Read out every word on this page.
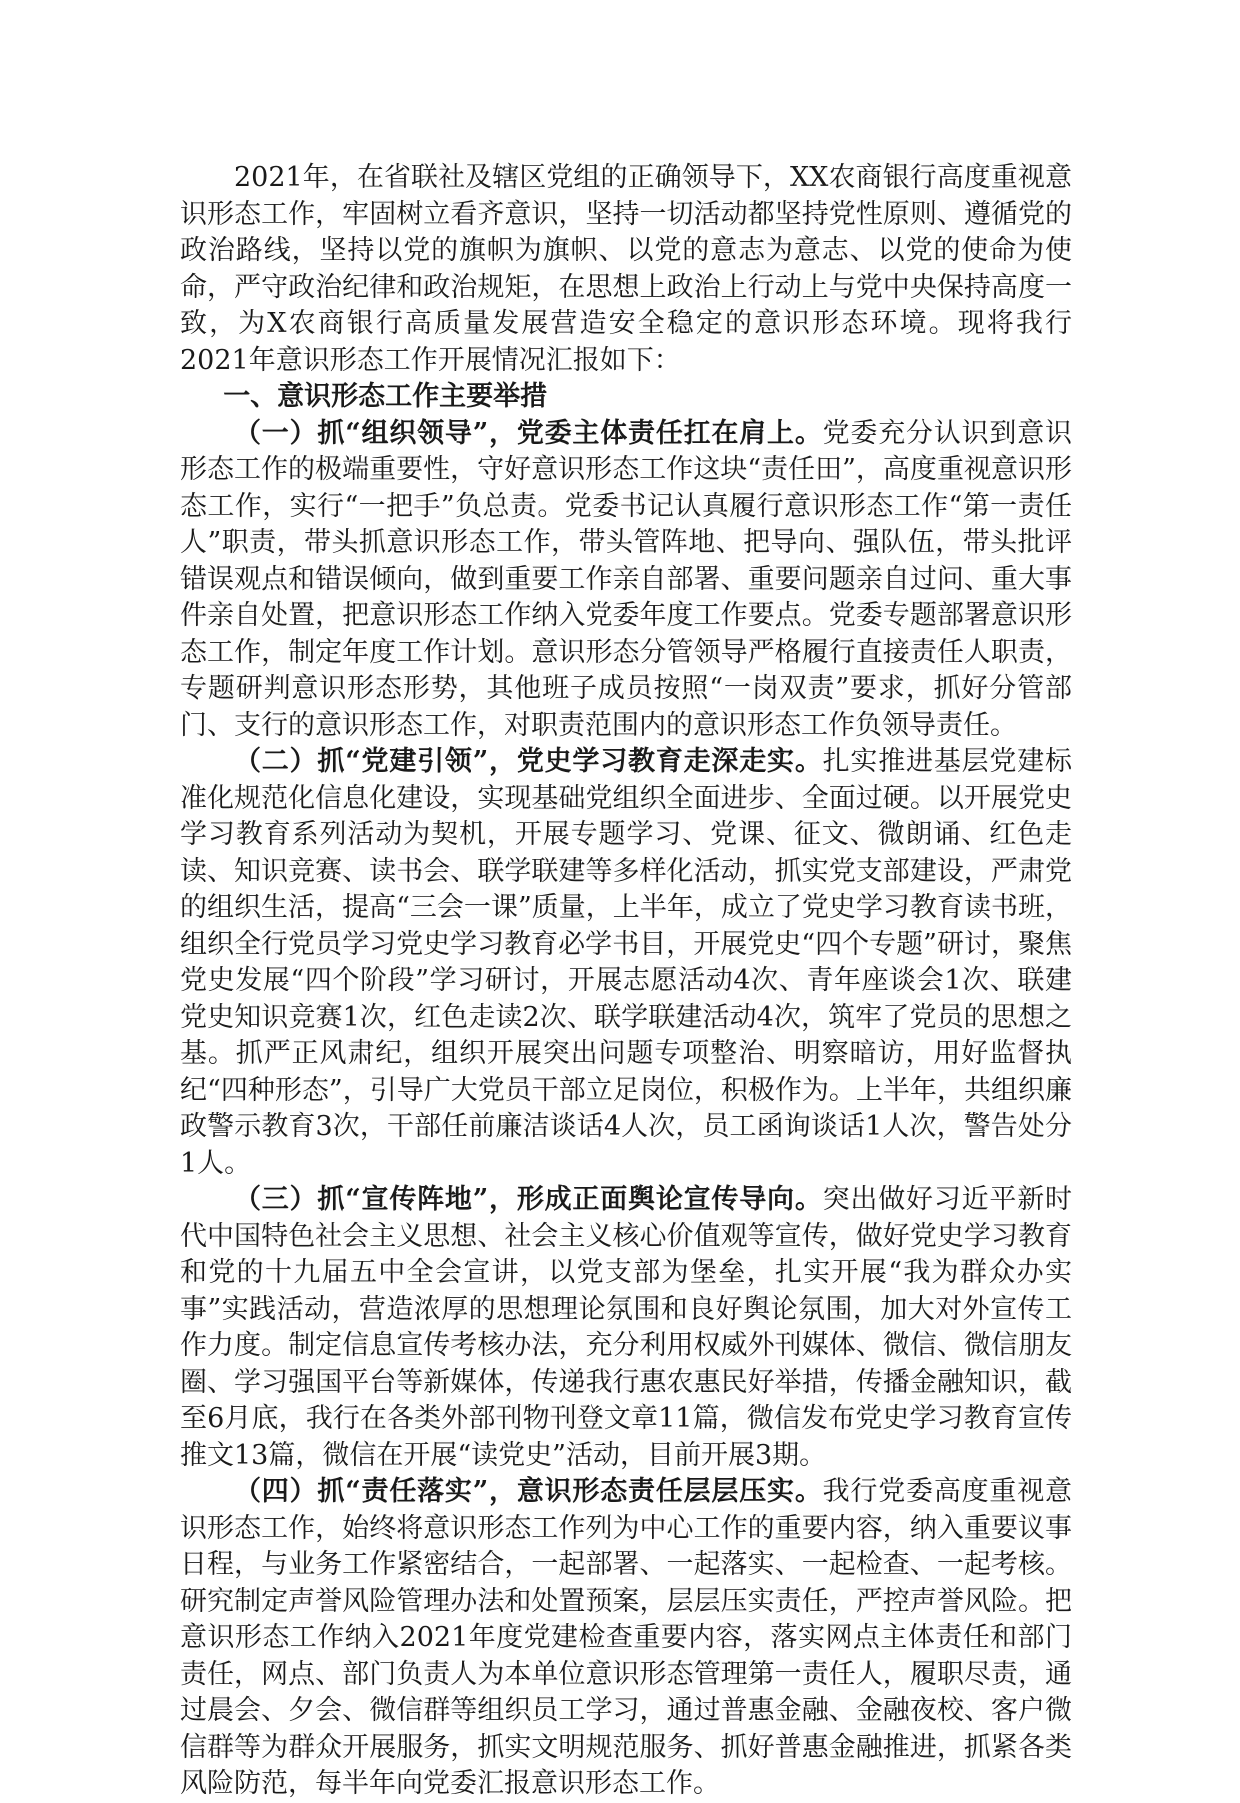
2021年，在省联社及辖区党组的正确领导下，XX农商银行高度重视意识形态工作，牢固树立看齐意识，坚持一切活动都坚持党性原则、遵循党的政治路线，坚持以党的旗帜为旗帜、以党的意志为意志、以党的使命为使命，严守政治纪律和政治规矩，在思想上政治上行动上与党中央保持高度一致，为X农商银行高质量发展营造安全稳定的意识形态环境。现将我行2021年意识形态工作开展情况汇报如下：

一、意识形态工作主要举措

（一）抓“组织领导”，党委主体责任扛在肩上。党委充分认识到意识形态工作的极端重要性，守好意识形态工作这块“责任田”，高度重视意识形态工作，实行“一把手”负总责。党委书记认真履行意识形态工作“第一责任人”职责，带头抓意识形态工作，带头管阵地、把导向、强队伍，带头批评错误观点和错误倾向，做到重要工作亲自部署、重要问题亲自过问、重大事件亲自处置，把意识形态工作纳入党委年度工作要点。党委专题部署意识形态工作，制定年度工作计划。意识形态分管领导严格履行直接责任人职责，专题研判意识形态形势，其他班子成员按照“一岗双责”要求，抓好分管部门、支行的意识形态工作，对职责范围内的意识形态工作负领导责任。

（二）抓“党建引领”，党史学习教育走深走实。扎实推进基层党建标准化规范化信息化建设，实现基础党组织全面进步、全面过硬。以开展党史学习教育系列活动为契机，开展专题学习、党课、征文、微朗诵、红色走读、知识竞赛、读书会、联学联建等多样化活动，抓实党支部建设，严肃党的组织生活，提高“三会一课”质量，上半年，成立了党史学习教育读书班，组织全行党员学习党史学习教育必学书目，开展党史“四个专题”研讨，聚焦党史发展“四个阶段”学习研讨，开展志愿活动4次、青年座谈会1次、联建党史知识竞赛1次，红色走读2次、联学联建活动4次，筑牢了党员的思想之基。抓严正风肃纪，组织开展突出问题专项整治、明察暗访，用好监督执纪“四种形态”，引导广大党员干部立足岗位，积极作为。上半年，共组织廉政警示教育3次，干部任前廉洁谈话4人次，员工函询谈话1人次，警告处分1人。

（三）抓“宣传阵地”，形成正面舆论宣传导向。突出做好习近平新时代中国特色社会主义思想、社会主义核心价值观等宣传，做好党史学习教育和党的十九届五中全会宣讲，以党支部为堡垒，扎实开展“我为群众办实事”实践活动，营造浓厚的思想理论氛围和良好舆论氛围，加大对外宣传工作力度。制定信息宣传考核办法，充分利用权威外刊媒体、微信、微信朋友圈、学习强国平台等新媒体，传递我行惠农惠民好举措，传播金融知识，截至6月底，我行在各类外部刊物刊登文章11篇，微信发布党史学习教育宣传推文13篇，微信在开展“读党史”活动，目前开展3期。

（四）抓“责任落实”，意识形态责任层层压实。我行党委高度重视意识形态工作，始终将意识形态工作列为中心工作的重要内容，纳入重要议事日程，与业务工作紧密结合，一起部署、一起落实、一起检查、一起考核。研究制定声誉风险管理办法和处置预案，层层压实责任，严控声誉风险。把意识形态工作纳入2021年度党建检查重要内容，落实网点主体责任和部门责任，网点、部门负责人为本单位意识形态管理第一责任人，履职尽责，通过晨会、夕会、微信群等组织员工学习，通过普惠金融、金融夜校、客户微信群等为群众开展服务，抓实文明规范服务、抓好普惠金融推进，抓紧各类风险防范，每半年向党委汇报意识形态工作。
